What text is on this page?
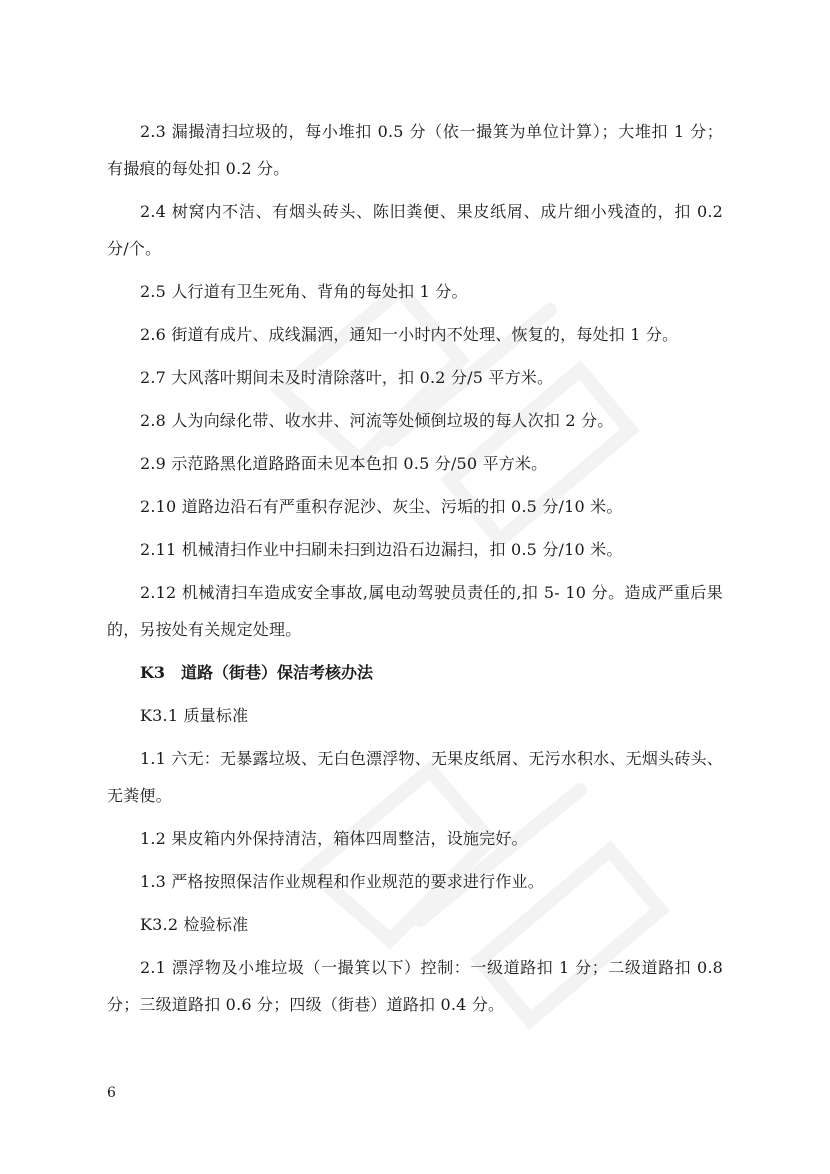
2.3 漏撮清扫垃圾的，每小堆扣 0.5 分（依一撮箕为单位计算）；大堆扣 1 分；有撮痕的每处扣 0.2 分。

2.4 树窝内不洁、有烟头砖头、陈旧粪便、果皮纸屑、成片细小残渣的，扣 0.2 分/个。

2.5 人行道有卫生死角、背角的每处扣 1 分。

2.6 街道有成片、成线漏洒，通知一小时内不处理、恢复的，每处扣 1 分。

2.7 大风落叶期间未及时清除落叶，扣 0.2 分/5 平方米。

2.8 人为向绿化带、收水井、河流等处倾倒垃圾的每人次扣 2 分。

2.9 示范路黑化道路路面未见本色扣 0.5 分/50 平方米。

2.10 道路边沿石有严重积存泥沙、灰尘、污垢的扣 0.5 分/10 米。

2.11 机械清扫作业中扫刷未扫到边沿石边漏扫，扣 0.5 分/10 米。

2.12 机械清扫车造成安全事故,属电动驾驶员责任的,扣 5- 10 分。造成严重后果的，另按处有关规定处理。

K3　道路（街巷）保洁考核办法

K3.1 质量标准

1.1 六无：无暴露垃圾、无白色漂浮物、无果皮纸屑、无污水积水、无烟头砖头、无粪便。

1.2 果皮箱内外保持清洁，箱体四周整洁，设施完好。

1.3 严格按照保洁作业规程和作业规范的要求进行作业。

K3.2 检验标准

2.1 漂浮物及小堆垃圾（一撮箕以下）控制：一级道路扣 1 分；二级道路扣 0.8 分；三级道路扣 0.6 分；四级（街巷）道路扣 0.4 分。

6
